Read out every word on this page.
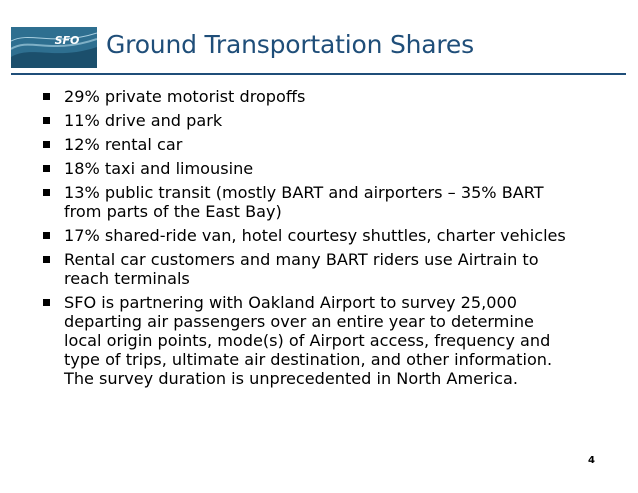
SFO Ground Transportation Shares
29% private motorist dropoffs
11% drive and park
12% rental car
18% taxi and limousine
13% public transit (mostly BART and airporters – 35% BART
from parts of the East Bay)
17% shared-ride van, hotel courtesy shuttles, charter vehicles
Rental car customers and many BART riders use Airtrain to
reach terminals
SFO is partnering with Oakland Airport to survey 25,000
departing air passengers over an entire year to determine
local origin points, mode(s) of Airport access, frequency and
type of trips, ultimate air destination, and other information.
The survey duration is unprecedented in North America.
4
